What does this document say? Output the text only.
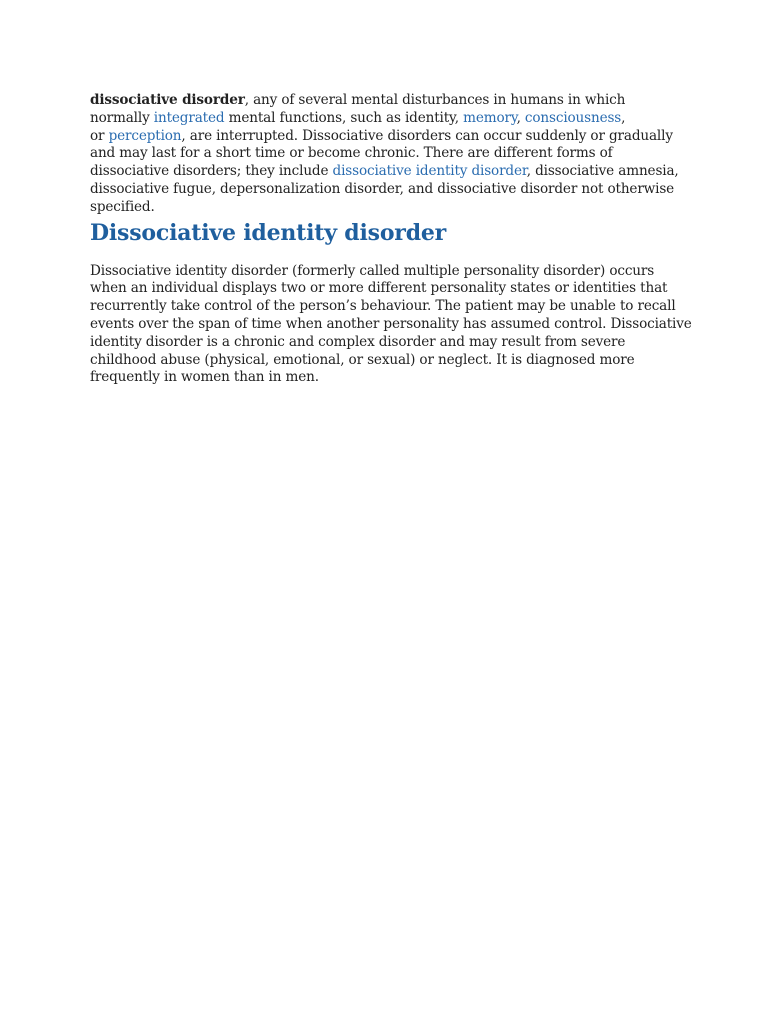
dissociative disorder, any of several mental disturbances in humans in which
normally integrated mental functions, such as identity, memory, consciousness,
or perception, are interrupted. Dissociative disorders can occur suddenly or gradually
and may last for a short time or become chronic. There are different forms of
dissociative disorders; they include dissociative identity disorder, dissociative amnesia,
dissociative fugue, depersonalization disorder, and dissociative disorder not otherwise
specified.

Dissociative identity disorder

Dissociative identity disorder (formerly called multiple personality disorder) occurs
when an individual displays two or more different personality states or identities that
recurrently take control of the person’s behaviour. The patient may be unable to recall
events over the span of time when another personality has assumed control. Dissociative
identity disorder is a chronic and complex disorder and may result from severe
childhood abuse (physical, emotional, or sexual) or neglect. It is diagnosed more
frequently in women than in men.
